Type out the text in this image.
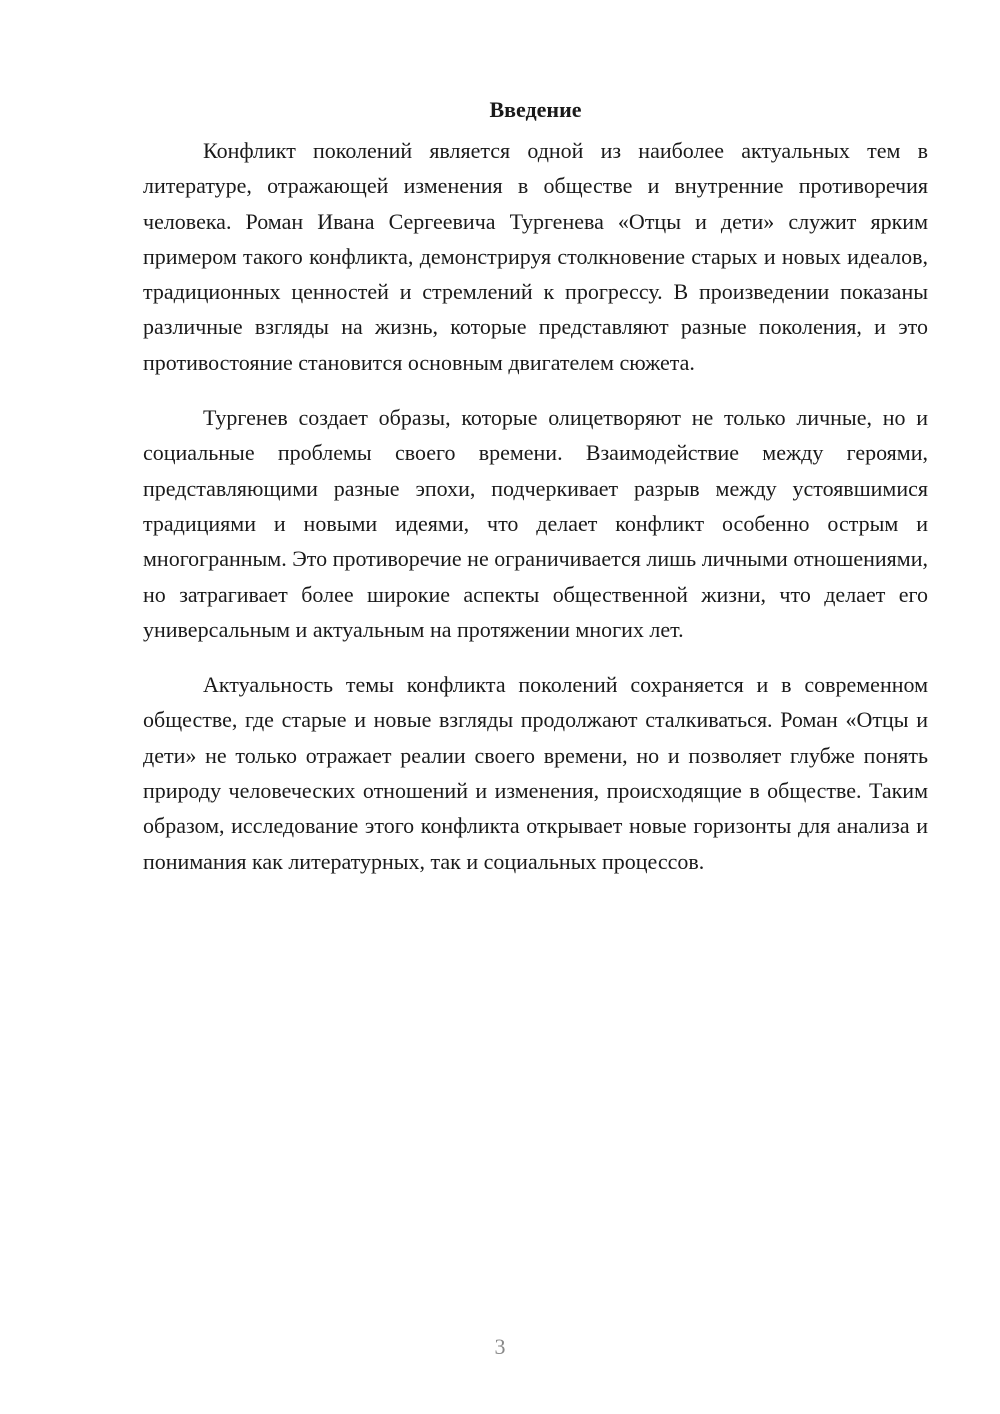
Введение

Конфликт поколений является одной из наиболее актуальных тем в литературе, отражающей изменения в обществе и внутренние противоречия человека. Роман Ивана Сергеевича Тургенева «Отцы и дети» служит ярким примером такого конфликта, демонстрируя столкновение старых и новых идеалов, традиционных ценностей и стремлений к прогрессу. В произведении показаны различные взгляды на жизнь, которые представляют разные поколения, и это противостояние становится основным двигателем сюжета.

Тургенев создает образы, которые олицетворяют не только личные, но и социальные проблемы своего времени. Взаимодействие между героями, представляющими разные эпохи, подчеркивает разрыв между устоявшимися традициями и новыми идеями, что делает конфликт особенно острым и многогранным. Это противоречие не ограничивается лишь личными отношениями, но затрагивает более широкие аспекты общественной жизни, что делает его универсальным и актуальным на протяжении многих лет.

Актуальность темы конфликта поколений сохраняется и в современном обществе, где старые и новые взгляды продолжают сталкиваться. Роман «Отцы и дети» не только отражает реалии своего времени, но и позволяет глубже понять природу человеческих отношений и изменения, происходящие в обществе. Таким образом, исследование этого конфликта открывает новые горизонты для анализа и понимания как литературных, так и социальных процессов.

3
